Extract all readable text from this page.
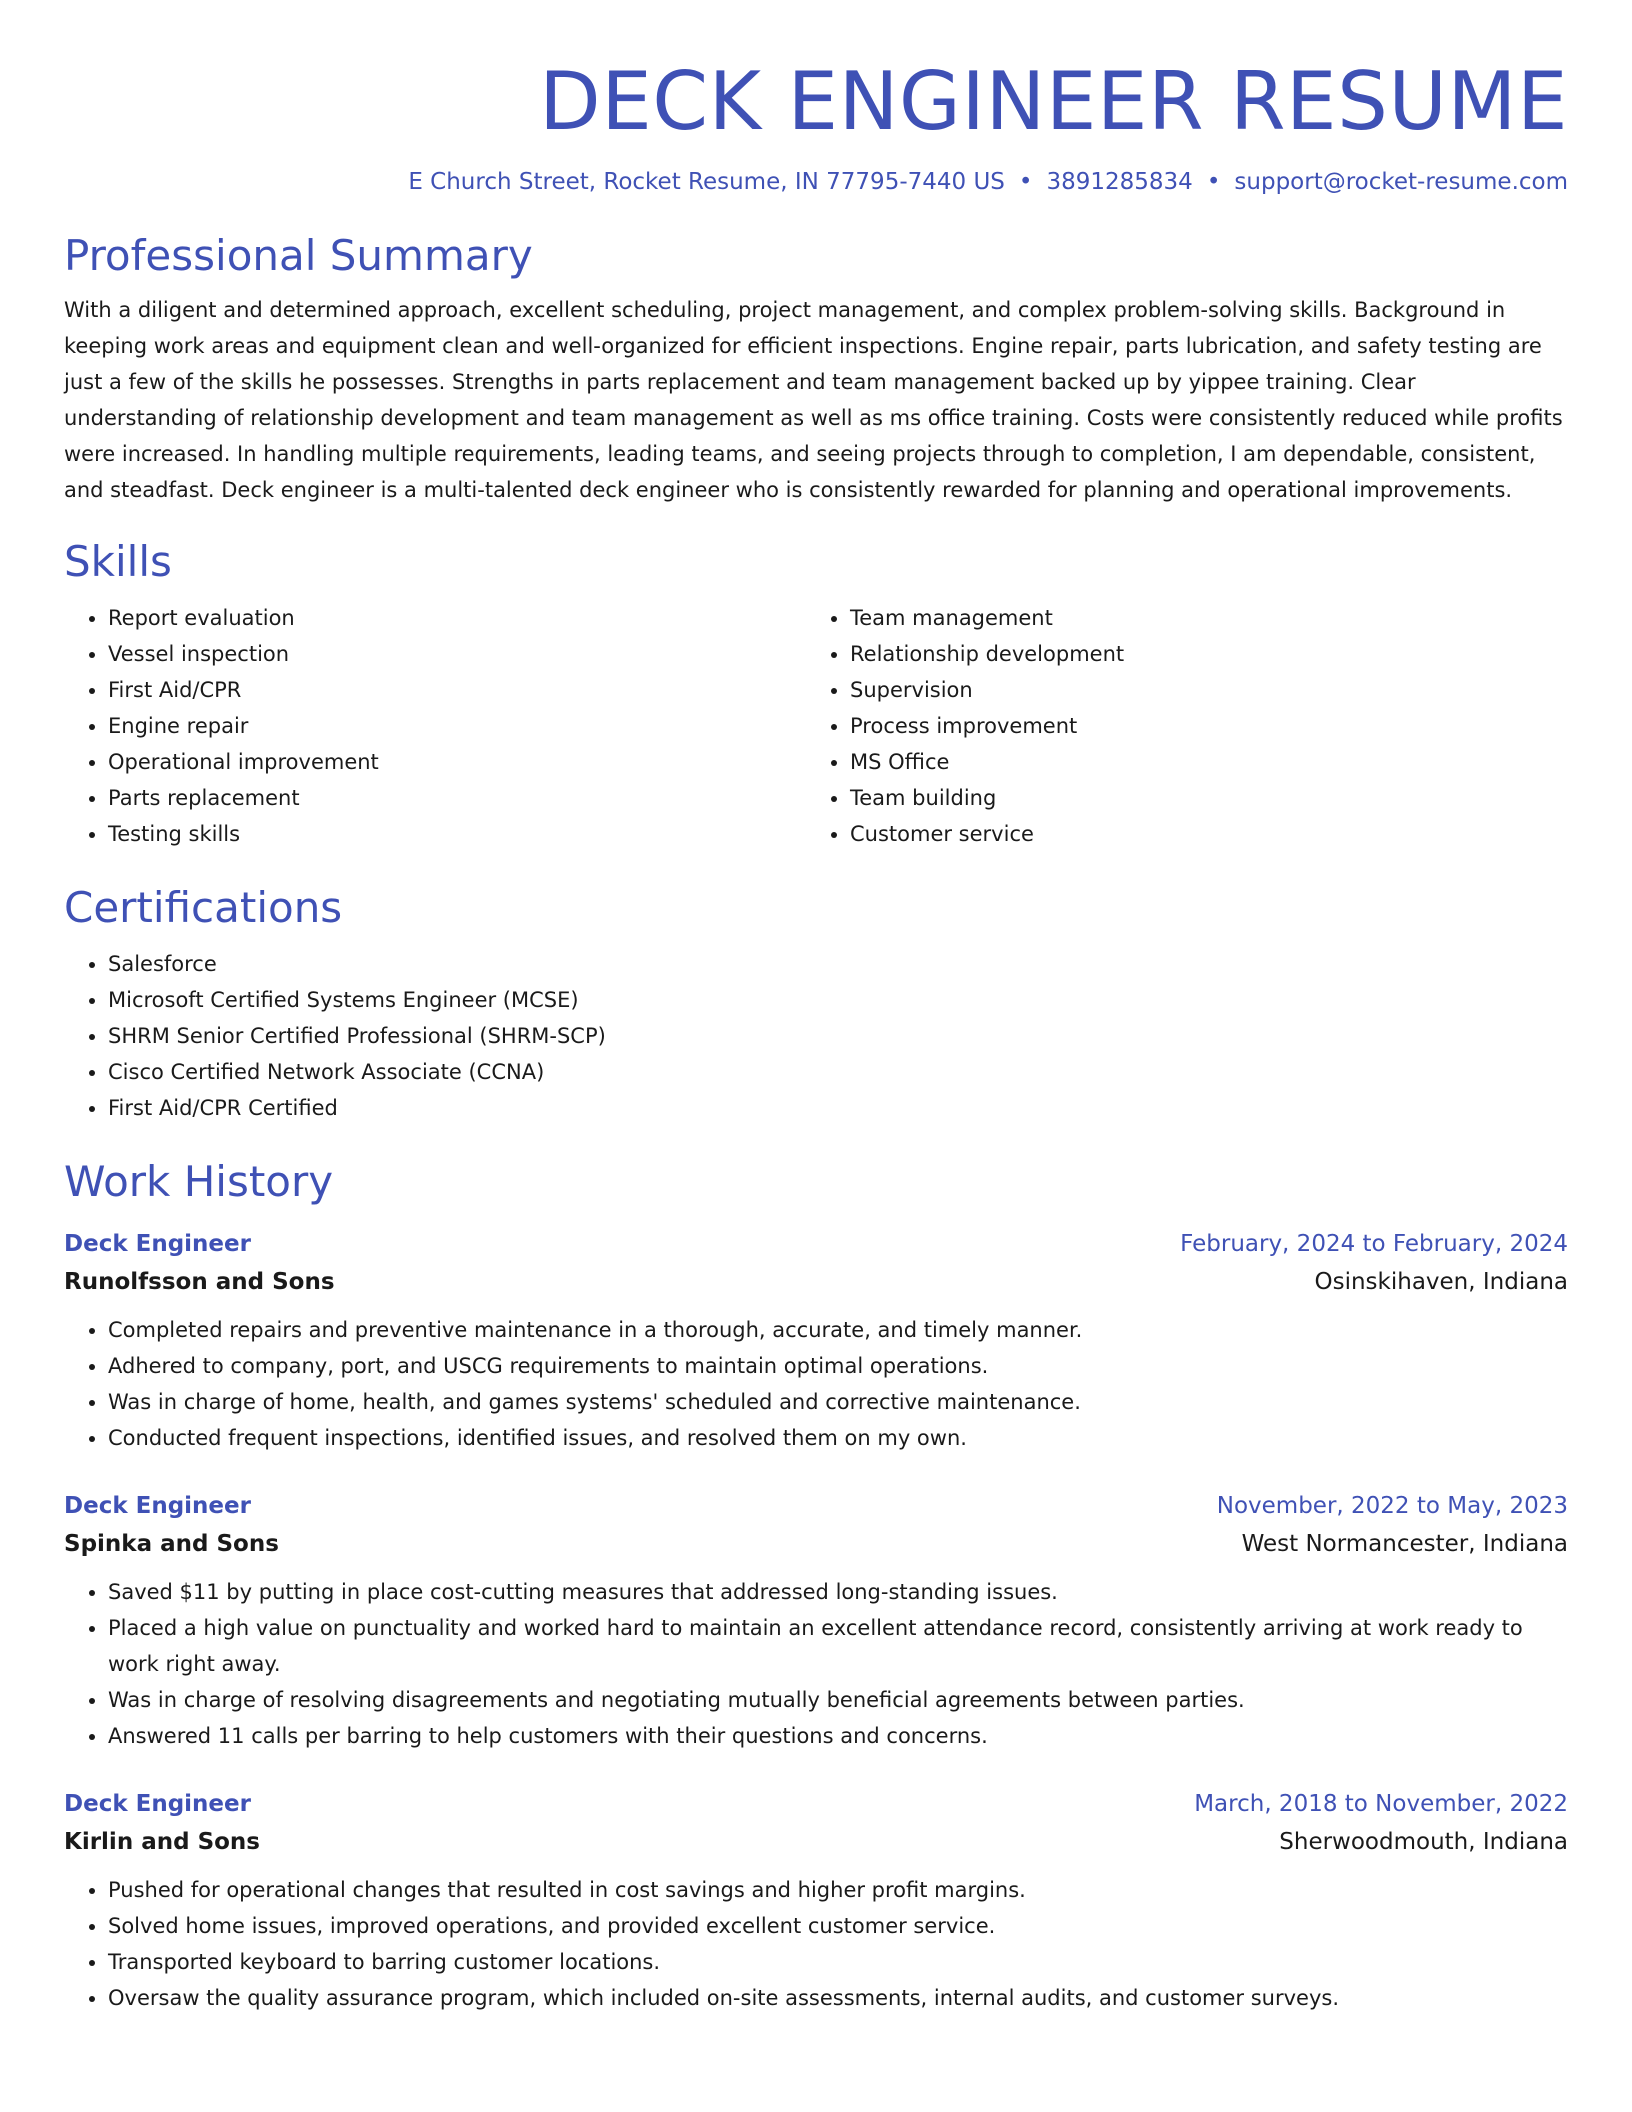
DECK ENGINEER RESUME
E Church Street, Rocket Resume, IN 77795-7440 US • 3891285834 • support@rocket-resume.com
Professional Summary

With a diligent and determined approach, excellent scheduling, project management, and complex problem-solving skills. Background in keeping work areas and equipment clean and well-organized for efficient inspections. Engine repair, parts lubrication, and safety testing are just a few of the skills he possesses. Strengths in parts replacement and team management backed up by yippee training. Clear understanding of relationship development and team management as well as ms office training. Costs were consistently reduced while profits were increased. In handling multiple requirements, leading teams, and seeing projects through to completion, I am dependable, consistent, and steadfast. Deck engineer is a multi-talented deck engineer who is consistently rewarded for planning and operational improvements.

Skills
• Report evaluation
• Vessel inspection
• First Aid/CPR
• Engine repair
• Operational improvement
• Parts replacement
• Testing skills
• Team management
• Relationship development
• Supervision
• Process improvement
• MS Office
• Team building
• Customer service
Certifications
• Salesforce
• Microsoft Certified Systems Engineer (MCSE)
• SHRM Senior Certified Professional (SHRM-SCP)
• Cisco Certified Network Associate (CCNA)
• First Aid/CPR Certified
Work History
Deck Engineer	February, 2024 to February, 2024
Runolfsson and Sons	Osinskihaven, Indiana
• Completed repairs and preventive maintenance in a thorough, accurate, and timely manner.
• Adhered to company, port, and USCG requirements to maintain optimal operations.
• Was in charge of home, health, and games systems' scheduled and corrective maintenance.
• Conducted frequent inspections, identified issues, and resolved them on my own.
Deck Engineer	November, 2022 to May, 2023
Spinka and Sons	West Normancester, Indiana
• Saved $11 by putting in place cost-cutting measures that addressed long-standing issues.
• Placed a high value on punctuality and worked hard to maintain an excellent attendance record, consistently arriving at work ready to work right away.
• Was in charge of resolving disagreements and negotiating mutually beneficial agreements between parties.
• Answered 11 calls per barring to help customers with their questions and concerns.
Deck Engineer	March, 2018 to November, 2022
Kirlin and Sons	Sherwoodmouth, Indiana
• Pushed for operational changes that resulted in cost savings and higher profit margins.
• Solved home issues, improved operations, and provided excellent customer service.
• Transported keyboard to barring customer locations.
• Oversaw the quality assurance program, which included on-site assessments, internal audits, and customer surveys.
